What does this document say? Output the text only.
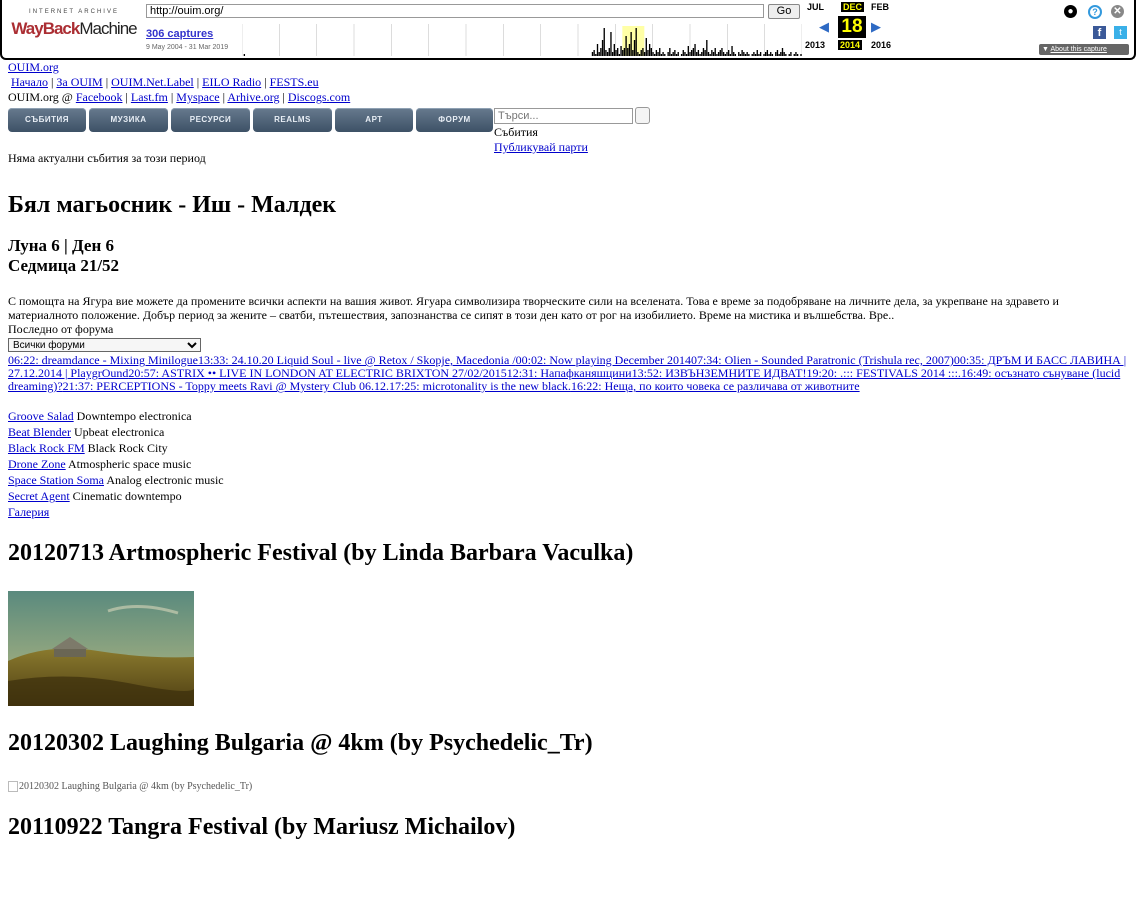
INTERNET ARCHIVE
WayBackMachine
http://ouim.org/	Go
306 captures
9 May 2004 - 31 Mar 2019
JUL DEC FEB
◀ 18 ▶
2013 2014 2016
●	?	✕
f	t
▼ About this capture
OUIM.org
Начало | За OUIM | OUIM.Net.Label | EILO Radio | FESTS.eu
OUIM.org @ Facebook | Last.fm | Myspace | Arhive.org | Discogs.com
СЪБИТИЯ	МУЗИКА	РЕСУРСИ	REALMS	АРТ	ФОРУМ
Търси...
Събития
Публикувай парти
Няма актуални събития за този период
Бял магьосник - Иш - Малдек
Луна 6 | Ден 6
Седмица 21/52

С помощта на Ягура вие можете да промените всички аспекти на вашия живот. Ягуара символизира творческите сили на вселената. Това е време за подобряване на личните дела, за укрепване на здравето и материалното положение. Добър период за жените – сватби, пътешествия, запознанства се сипят в този ден като от рог на изобилието. Време на мистика и вълшебства. Вре..

Последно от форума
Всички форуми
06:22: dreamdance - Mixing Minilogue13:33: 24.10.20 Liquid Soul - live @ Retox / Skopje, Macedonia /00:02: Now playing December 201407:34: Olien - Sounded Paratronic (Trishula rec, 2007)00:35: ДРЪМ И БАСС ЛАВИНА | 27.12.2014 | PlaygrOund20:57: ASTRIX •• LIVE IN LONDON AT ELECTRIC BRIXTON 27/02/201512:31: Напафканяшцини13:52: ИЗВЪНЗЕМНИТЕ ИДВАТ!19:20: .::: FESTIVALS 2014 :::.16:49: осъзнато сънуване (lucid dreaming)?21:37: PERCEPTIONS - Toppy meets Ravi @ Mystery Club 06.12.17:25: microtonality is the new black.16:22: Неща, по които човека се различава от животните
Groove Salad Downtempo electronica
Beat Blender Upbeat electronica
Black Rock FM Black Rock City
Drone Zone Atmospheric space music
Space Station Soma Analog electronic music
Secret Agent Cinematic downtempo
Галерия
20120713 Artmospheric Festival (by Linda Barbara Vaculka)
20120302 Laughing Bulgaria @ 4km (by Psychedelic_Tr)
20120302 Laughing Bulgaria @ 4km (by Psychedelic_Tr)
20110922 Tangra Festival (by Mariusz Michailov)
